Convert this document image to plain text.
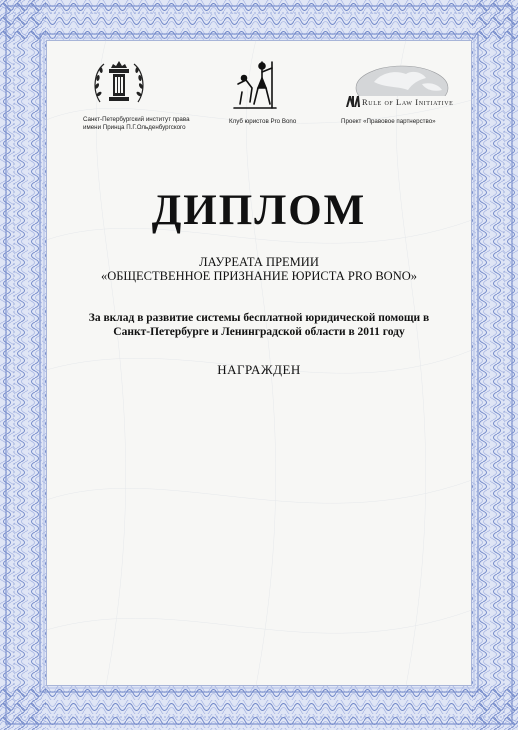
Санкт-Петербургский институт права
имени Принца П.Г.Ольденбургского
Клуб юристов Pro Bono
Rule of Law Initiative
Проект «Правовое партнерство»
ДИПЛОМ
ЛАУРЕАТА ПРЕМИИ
«ОБЩЕСТВЕННОЕ ПРИЗНАНИЕ ЮРИСТА PRO BONO»
За вклад в развитие системы бесплатной юридической помощи в
Санкт-Петербурге и Ленинградской области в 2011 году
НАГРАЖДЕН
